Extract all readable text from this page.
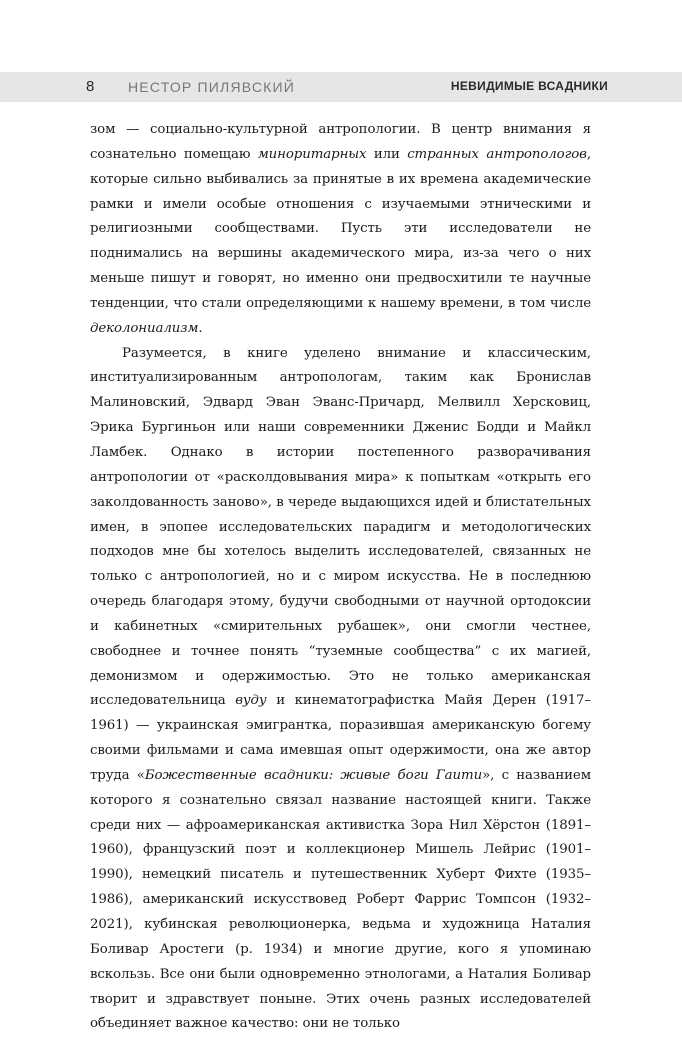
8 НЕСТОР ПИЛЯВСКИЙ	НЕВИДИМЫЕ ВСАДНИКИ

зом — социально-культурной антропологии. В центр внимания я сознательно помещаю миноритарных или странных антропологов, которые сильно выбивались за принятые в их времена академические рамки и имели особые отношения с изучаемыми этническими и религиозными сообществами. Пусть эти исследователи не поднимались на вершины академического мира, из-за чего о них меньше пишут и говорят, но именно они предвосхитили те научные тенденции, что стали определяющими к нашему времени, в том числе деколониализм.

Разумеется, в книге уделено внимание и классическим, институализированным антропологам, таким как Бронислав Малиновский, Эдвард Эван Эванс-Причард, Мелвилл Херсковиц, Эрика Бургиньон или наши современники Дженис Бодди и Майкл Ламбек. Однако в истории постепенного разворачивания антропологии от «расколдовывания мира» к попыткам «открыть его заколдованность заново», в череде выдающихся идей и блистательных имен, в эпопее исследовательских парадигм и методологических подходов мне бы хотелось выделить исследователей, связанных не только с антропологией, но и с миром искусства. Не в последнюю очередь благодаря этому, будучи свободными от научной ортодоксии и кабинетных «смирительных рубашек», они смогли честнее, свободнее и точнее понять “туземные сообщества” с их магией, демонизмом и одержимостью. Это не только американская исследовательница вуду и кинематографистка Майя Дерен (1917–1961) — украинская эмигрантка, поразившая американскую богему своими фильмами и сама имевшая опыт одержимости, она же автор труда «Божественные всадники: живые боги Гаити», с названием которого я сознательно связал название настоящей книги. Также среди них — афроамериканская активистка Зора Нил Хёрстон (1891–1960), французский поэт и коллекционер Мишель Лейрис (1901–1990), немецкий писатель и путешественник Хуберт Фихте (1935–1986), американский искусствовед Роберт Фаррис Томпсон (1932–2021), кубинская революционерка, ведьма и художница Наталия Боливар Аростеги (р. 1934) и многие другие, кого я упоминаю вскользь. Все они были одновременно этнологами, а Наталия Боливар творит и здравствует поныне. Этих очень разных исследователей объединяет важное качество: они не только
